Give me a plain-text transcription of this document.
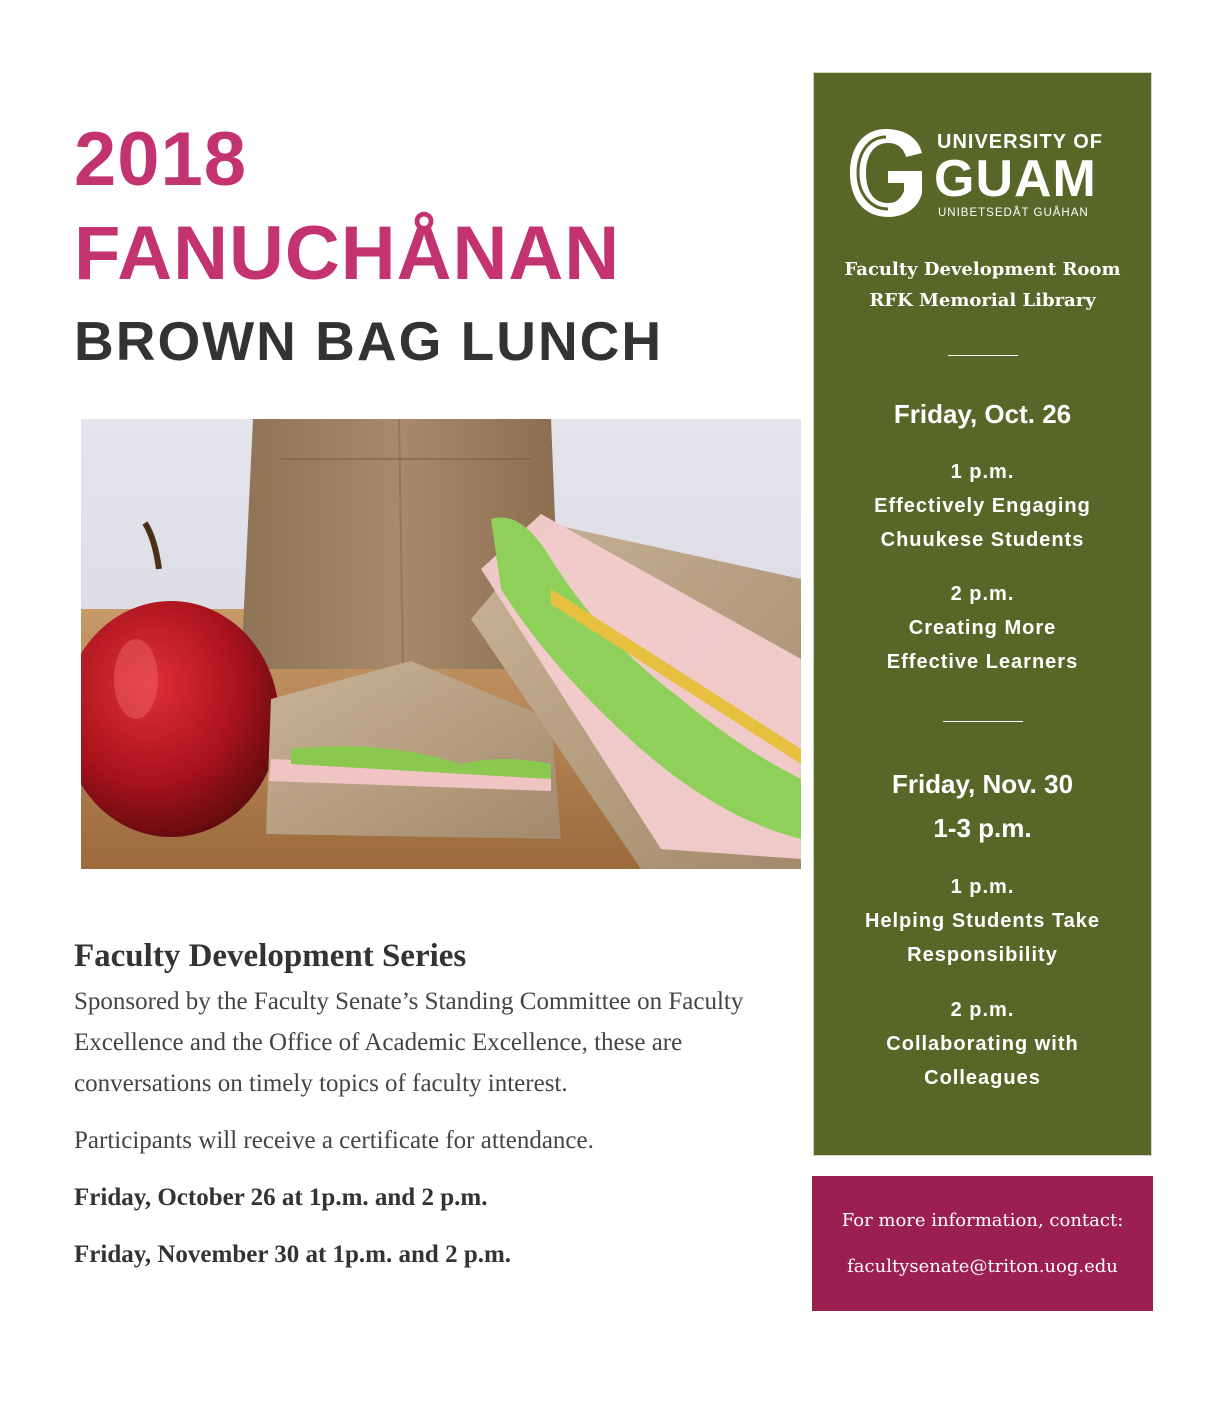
2018
FANUCHÅNAN
BROWN BAG LUNCH
Faculty Development Series

Sponsored by the Faculty Senate’s Standing Committee on Faculty Excellence and the Office of Academic Excellence, these are conversations on timely topics of faculty interest.

Participants will receive a certificate for attendance.

Friday, October 26 at 1p.m. and 2 p.m.

Friday, November 30 at 1p.m. and 2 p.m.

UNIVERSITY OF
GUAM
UNIBETSEDÅT GUÅHAN
Faculty Development Room
RFK Memorial Library
Friday, Oct. 26
1 p.m.
Effectively Engaging
Chuukese Students
2 p.m.
Creating More
Effective Learners
Friday, Nov. 30
1-3 p.m.
1 p.m.
Helping Students Take
Responsibility
2 p.m.
Collaborating with
Colleagues
For more information, contact:
facultysenate@triton.uog.edu
